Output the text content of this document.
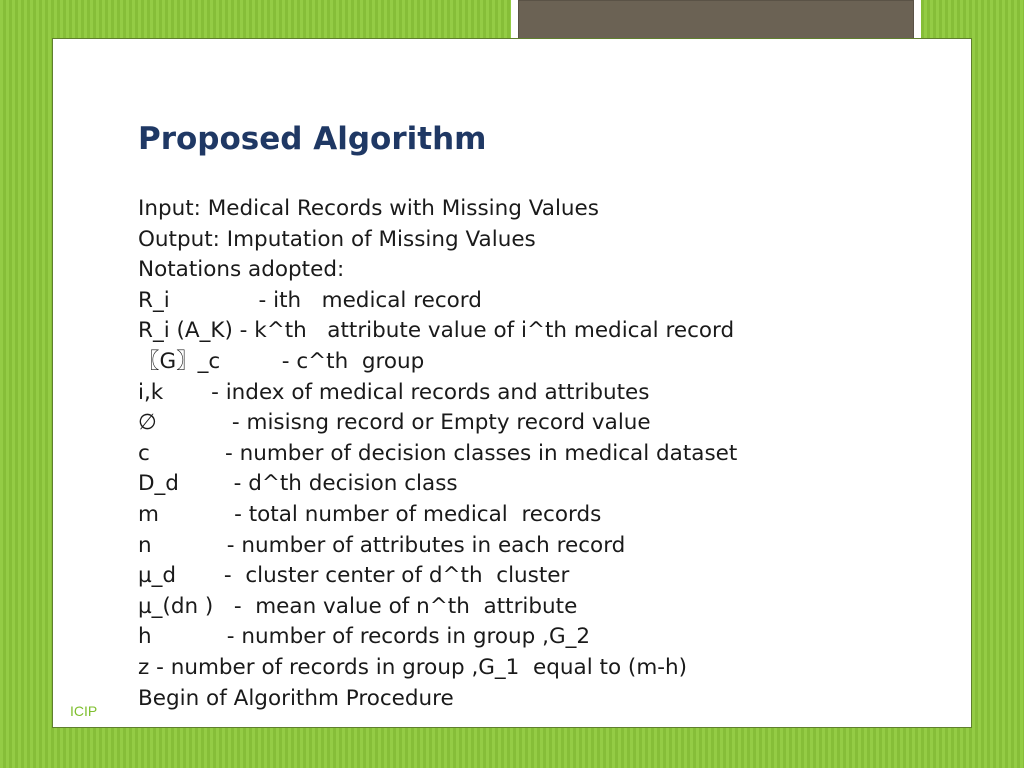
Proposed Algorithm
Input: Medical Records with Missing Values
Output: Imputation of Missing Values
Notations adopted:
R_i             - ith   medical record
R_i (A_K) - k^th   attribute value of i^th medical record
〖G〗_c         - c^th  group
i,k       - index of medical records and attributes
∅           - misisng record or Empty record value
c           - number of decision classes in medical dataset
D_d        - d^th decision class
m           - total number of medical  records
n           - number of attributes in each record
µ_d       -  cluster center of d^th  cluster
µ_(dn )   -  mean value of n^th  attribute
h           - number of records in group ,G_2
z - number of records in group ,G_1  equal to (m-h)
Begin of Algorithm Procedure
ICIP
